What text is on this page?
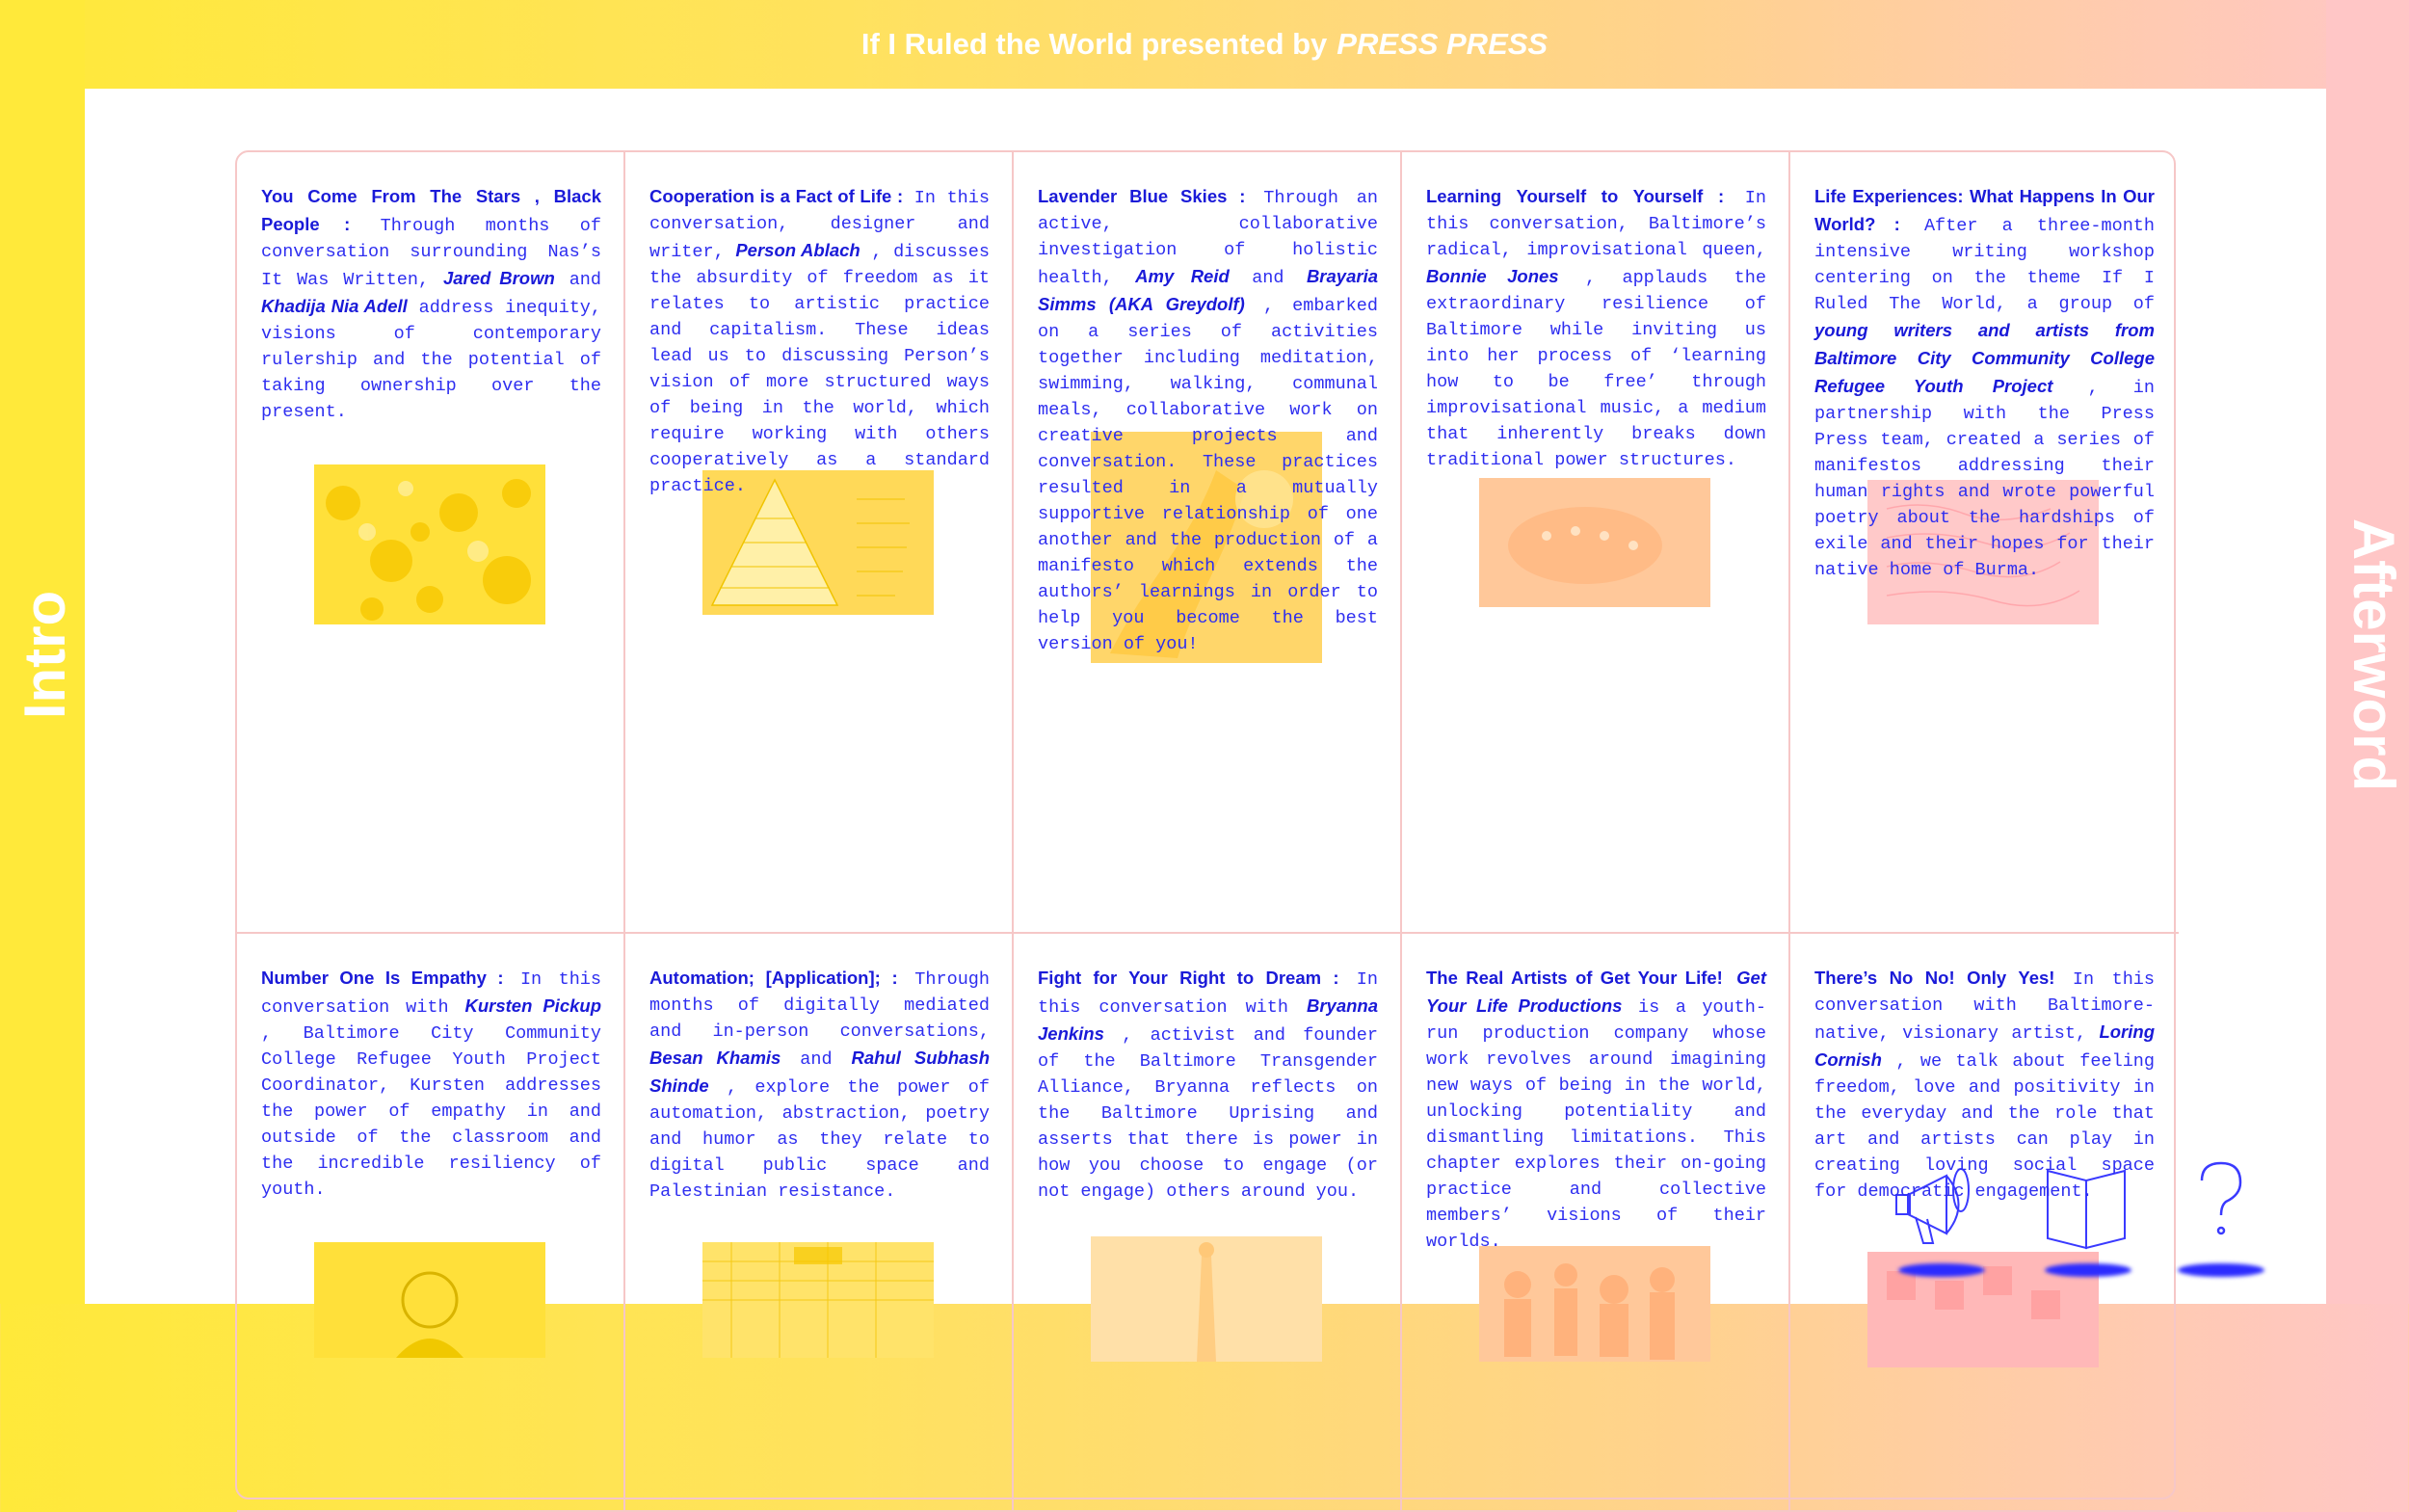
If I Ruled the World presented by PRESS PRESS
Intro	Afterword
You Come From The Stars , Black People : Through months of conversation surrounding Nas’s It Was Written, Jared Brown and Khadija Nia Adell address inequity, visions of contemporary rulership and the potential of taking ownership over the present.
Cooperation is a Fact of Life : In this conversation, designer and writer, Person Ablach , discusses the absurdity of freedom as it relates to artistic practice and capitalism. These ideas lead us to discussing Person’s vision of more structured ways of being in the world, which require working with others cooperatively as a standard practice.
Lavender Blue Skies : Through an active, collaborative investigation of holistic health, Amy Reid and Brayaria Simms (AKA Greydolf) , embarked on a series of activities together including meditation, swimming, walking, communal meals, collaborative work on creative projects and conversation. These practices resulted in a mutually supportive relationship of one another and the production of a manifesto which extends the authors’ learnings in order to help you become the best version of you!
Learning Yourself to Yourself : In this conversation, Baltimore’s radical, improvisational queen, Bonnie Jones , applauds the extraordinary resilience of Baltimore while inviting us into her process of ‘learning how to be free’ through improvisational music, a medium that inherently breaks down traditional power structures.
Life Experiences: What Happens In Our World? : After a three-month intensive writing workshop centering on the theme If I Ruled The World, a group of young writers and artists from Baltimore City Community College Refugee Youth Project , in partnership with the Press Press team, created a series of manifestos addressing their human rights and wrote powerful poetry about the hardships of exile and their hopes for their native home of Burma.
Number One Is Empathy : In this conversation with Kursten Pickup , Baltimore City Community College Refugee Youth Project Coordinator, Kursten addresses the power of empathy in and outside of the classroom and the incredible resiliency of youth.
Automation; [Application]; : Through months of digitally mediated and in-person conversations, Besan Khamis and Rahul Subhash Shinde , explore the power of automation, abstraction, poetry and humor as they relate to digital public space and Palestinian resistance.
Fight for Your Right to Dream : In this conversation with Bryanna Jenkins , activist and founder of the Baltimore Transgender Alliance, Bryanna reflects on the Baltimore Uprising and asserts that there is power in how you choose to engage (or not engage) others around you.
The Real Artists of Get Your Life! Get Your Life Productions is a youth-run production company whose work revolves around imagining new ways of being in the world, unlocking potentiality and dismantling limitations. This chapter explores their on-going practice and collective members’ visions of their worlds.
There’s No No! Only Yes! In this conversation with Baltimore-native, visionary artist, Loring Cornish , we talk about feeling freedom, love and positivity in the everyday and the role that art and artists can play in creating loving social space for democratic engagement.
